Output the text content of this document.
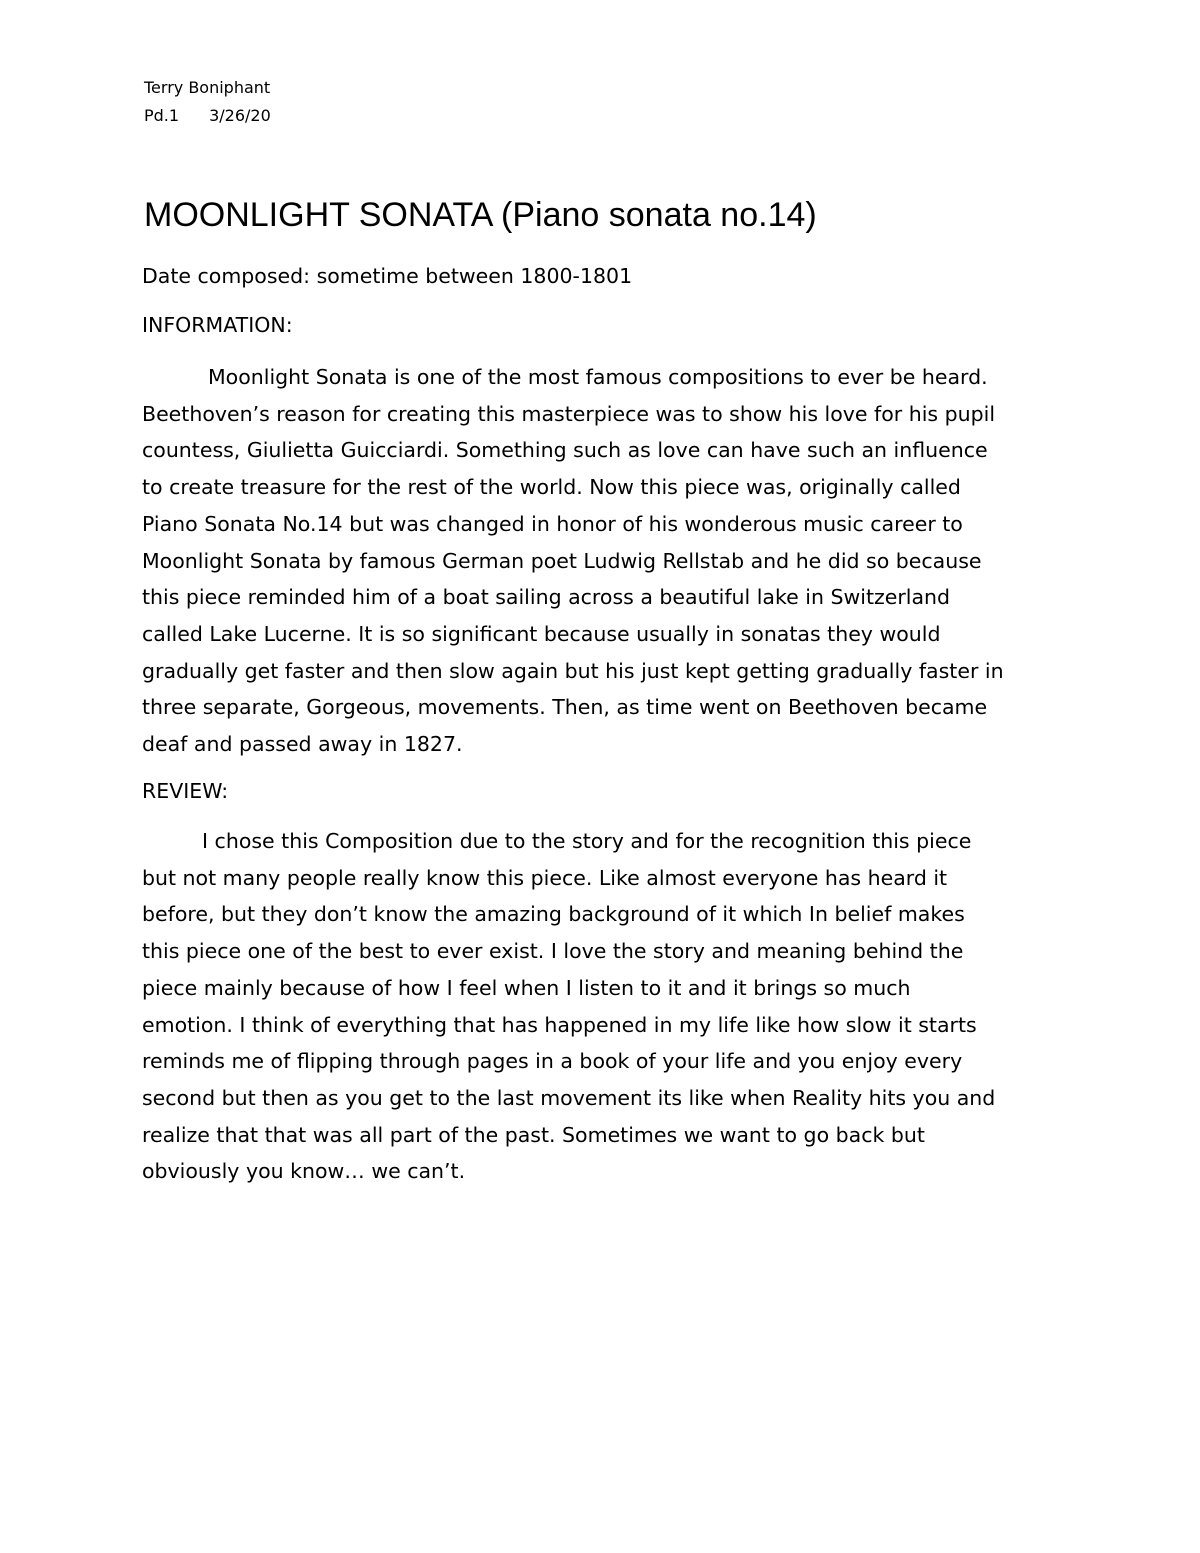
Terry Boniphant
Pd.1 3/26/20
MOONLIGHT SONATA (Piano sonata no.14)
Date composed: sometime between 1800-1801
INFORMATION:
Moonlight Sonata is one of the most famous compositions to ever be heard.
Beethoven’s reason for creating this masterpiece was to show his love for his pupil
countess, Giulietta Guicciardi. Something such as love can have such an influence
to create treasure for the rest of the world. Now this piece was, originally called
Piano Sonata No.14 but was changed in honor of his wonderous music career to
Moonlight Sonata by famous German poet Ludwig Rellstab and he did so because
this piece reminded him of a boat sailing across a beautiful lake in Switzerland
called Lake Lucerne. It is so significant because usually in sonatas they would
gradually get faster and then slow again but his just kept getting gradually faster in
three separate, Gorgeous, movements. Then, as time went on Beethoven became
deaf and passed away in 1827.
REVIEW:
I chose this Composition due to the story and for the recognition this piece
but not many people really know this piece. Like almost everyone has heard it
before, but they don’t know the amazing background of it which In belief makes
this piece one of the best to ever exist. I love the story and meaning behind the
piece mainly because of how I feel when I listen to it and it brings so much
emotion. I think of everything that has happened in my life like how slow it starts
reminds me of flipping through pages in a book of your life and you enjoy every
second but then as you get to the last movement its like when Reality hits you and
realize that that was all part of the past. Sometimes we want to go back but
obviously you know… we can’t.
